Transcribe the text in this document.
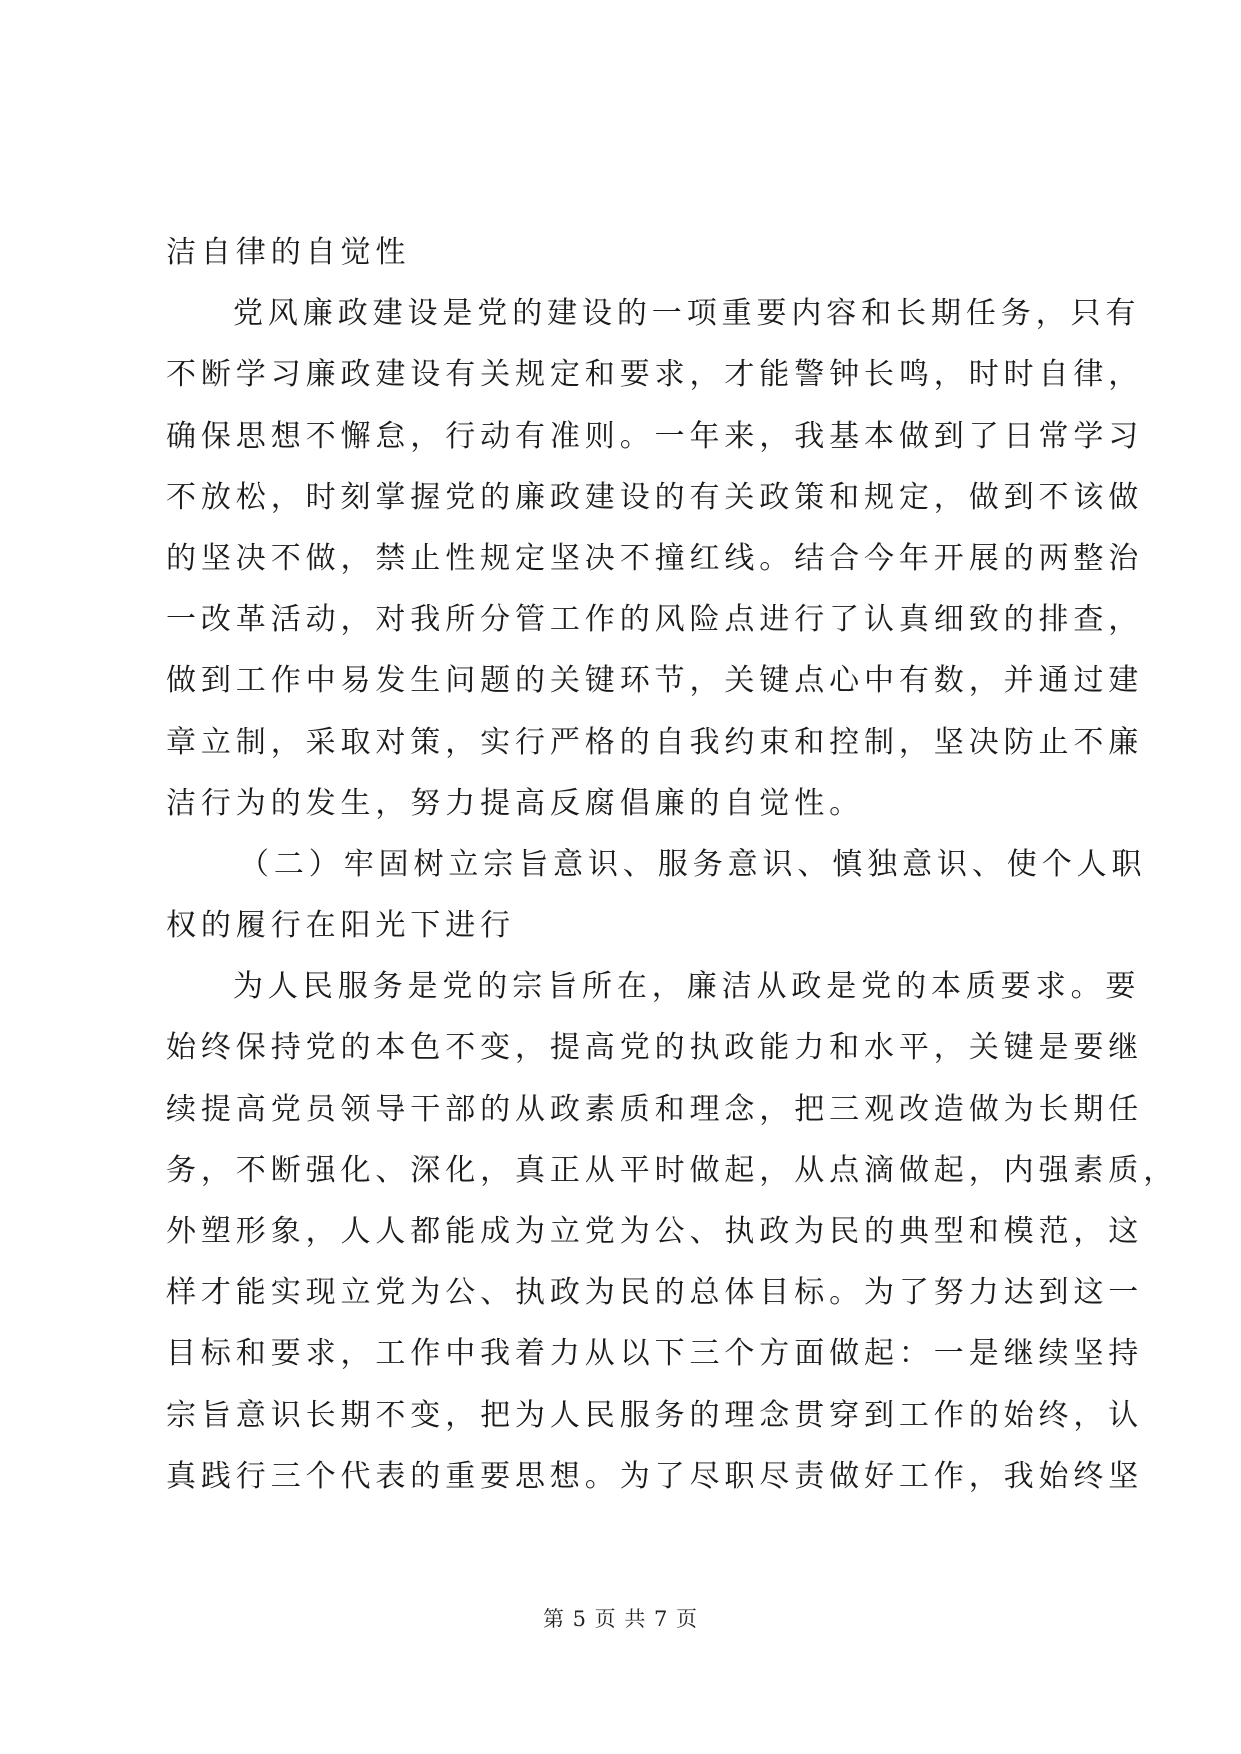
洁自律的自觉性
党风廉政建设是党的建设的一项重要内容和长期任务，只有
不断学习廉政建设有关规定和要求，才能警钟长鸣，时时自律，
确保思想不懈怠，行动有准则。一年来，我基本做到了日常学习
不放松，时刻掌握党的廉政建设的有关政策和规定，做到不该做
的坚决不做，禁止性规定坚决不撞红线。结合今年开展的两整治
一改革活动，对我所分管工作的风险点进行了认真细致的排查，
做到工作中易发生问题的关键环节，关键点心中有数，并通过建
章立制，采取对策，实行严格的自我约束和控制，坚决防止不廉
洁行为的发生，努力提高反腐倡廉的自觉性。
（二）牢固树立宗旨意识、服务意识、慎独意识、使个人职
权的履行在阳光下进行
为人民服务是党的宗旨所在，廉洁从政是党的本质要求。要
始终保持党的本色不变，提高党的执政能力和水平，关键是要继
续提高党员领导干部的从政素质和理念，把三观改造做为长期任
务，不断强化、深化，真正从平时做起，从点滴做起，内强素质，
外塑形象，人人都能成为立党为公、执政为民的典型和模范，这
样才能实现立党为公、执政为民的总体目标。为了努力达到这一
目标和要求，工作中我着力从以下三个方面做起：一是继续坚持
宗旨意识长期不变，把为人民服务的理念贯穿到工作的始终，认
真践行三个代表的重要思想。为了尽职尽责做好工作，我始终坚
第 5 页 共 7 页
